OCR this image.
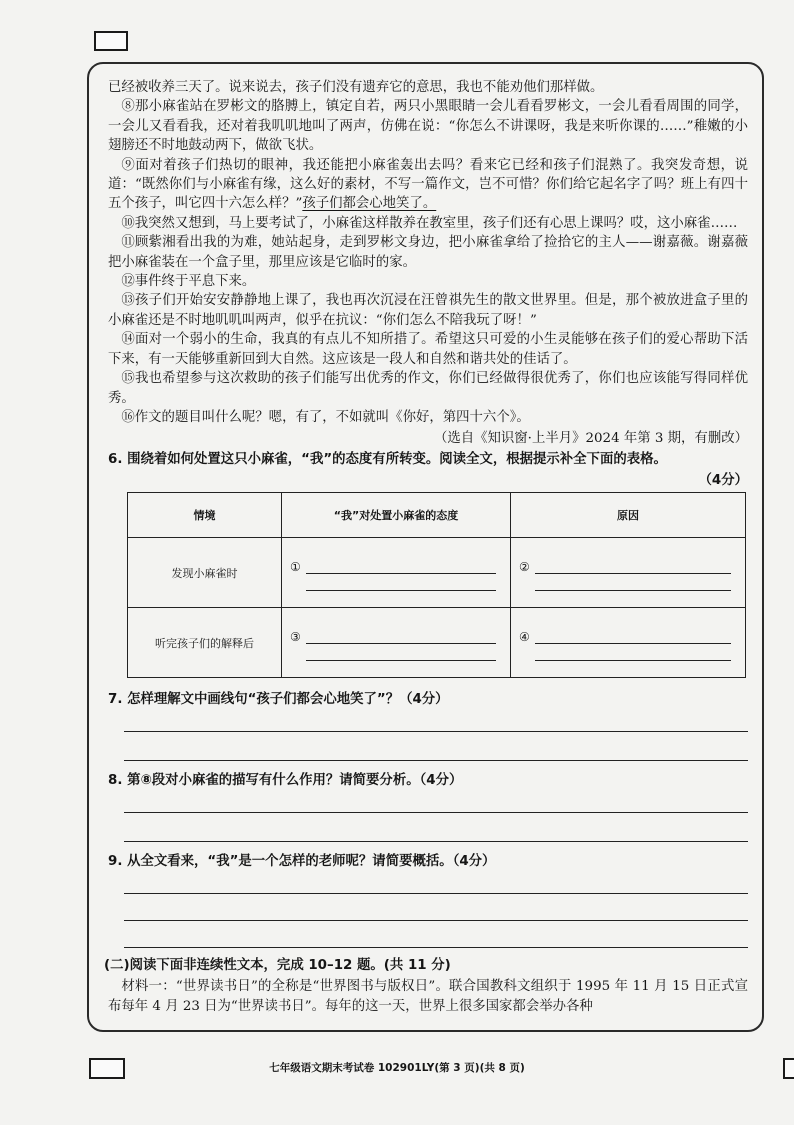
已经被收养三天了。说来说去，孩子们没有遗弃它的意思，我也不能劝他们那样做。

⑧那小麻雀站在罗彬文的胳膊上，镇定自若，两只小黑眼睛一会儿看看罗彬文，一会儿看看周围的同学，一会儿又看看我，还对着我叽叽地叫了两声，仿佛在说：“你怎么不讲课呀，我是来听你课的……”稚嫩的小翅膀还不时地鼓动两下，做欲飞状。

⑨面对着孩子们热切的眼神，我还能把小麻雀轰出去吗？看来它已经和孩子们混熟了。我突发奇想，说道：“既然你们与小麻雀有缘，这么好的素材，不写一篇作文，岂不可惜？你们给它起名字了吗？班上有四十五个孩子，叫它四十六怎么样？”孩子们都会心地笑了。

⑩我突然又想到，马上要考试了，小麻雀这样散养在教室里，孩子们还有心思上课吗？哎，这小麻雀……

⑪顾紫湘看出我的为难，她站起身，走到罗彬文身边，把小麻雀拿给了捡拾它的主人——谢嘉薇。谢嘉薇把小麻雀装在一个盒子里，那里应该是它临时的家。

⑫事件终于平息下来。

⑬孩子们开始安安静静地上课了，我也再次沉浸在汪曾祺先生的散文世界里。但是，那个被放进盒子里的小麻雀还是不时地叽叽叫两声，似乎在抗议：“你们怎么不陪我玩了呀！”

⑭面对一个弱小的生命，我真的有点儿不知所措了。希望这只可爱的小生灵能够在孩子们的爱心帮助下活下来，有一天能够重新回到大自然。这应该是一段人和自然和谐共处的佳话了。

⑮我也希望参与这次救助的孩子们能写出优秀的作文，你们已经做得很优秀了，你们也应该能写得同样优秀。

⑯作文的题目叫什么呢？嗯，有了，不如就叫《你好，第四十六个》。

（选自《知识窗·上半月》2024 年第 3 期，有删改）

6. 围绕着如何处置这只小麻雀，“我”的态度有所转变。阅读全文，根据提示补全下面的表格。

（4分）
情境	“我”对处置小麻雀的态度	原因
发现小麻雀时	①	②

听完孩子们的解释后	③	④

7. 怎样理解文中画线句“孩子们都会心地笑了”？（4分）

8. 第⑧段对小麻雀的描写有什么作用？请简要分析。（4分）

9. 从全文看来，“我”是一个怎样的老师呢？请简要概括。（4分）

(二)阅读下面非连续性文本，完成 10–12 题。(共 11 分)

材料一：“世界读书日”的全称是“世界图书与版权日”。联合国教科文组织于 1995 年 11 月 15 日正式宣布每年 4 月 23 日为“世界读书日”。每年的这一天，世界上很多国家都会举办各种

七年级语文期末考试卷 102901LY(第 3 页)(共 8 页)
